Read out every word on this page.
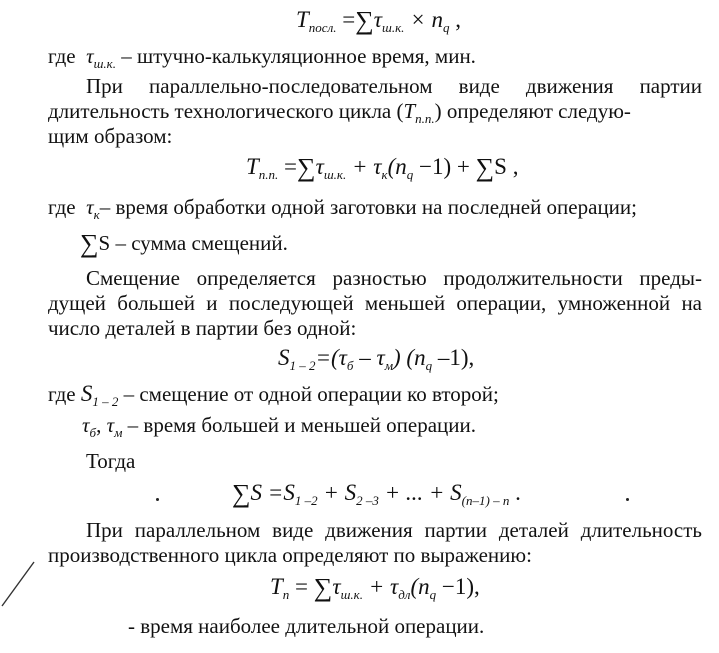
$T_{посл.} =\sum\tau_{ш.к.} \times n_q$ ,
где $\tau_{ш.к.}$ – штучно-калькуляционное время, мин.
При параллельно-последовательном виде движения партии
длительность технологического цикла $(T_{п.п.})$ определяют следую-
щим образом:
$T_{п.п.} =\sum\tau_{ш.к.} + \tau_к(n_q -1) + \sum S$ ,
где $\tau_к-$ время обработки одной заготовки на последней операции;
∑S – сумма смещений.
Смещение определяется разностью продолжительности преды-
дущей большей и последующей меньшей операции, умноженной на
число деталей в партии без одной:
$S_{1 - 2}=(\tau_б - \tau_м)$ ($n_q$ –1),
где $S_{1 - 2}$ – смещение от одной операции ко второй;
$\tau_б$, $\tau_м$ – время большей и меньшей операции.
Тогда
$\sum S =S_{1 -2} + S_{2 -3}$ + ... + $S_{(n-1) - n}$ .
При параллельном виде движения партии деталей длительность
производственного цикла определяют по выражению:
$T_п = \sum\tau_{ш.к.} + \tau_{дл}(n_q -1)$,
- время наиболее длительной операции.
